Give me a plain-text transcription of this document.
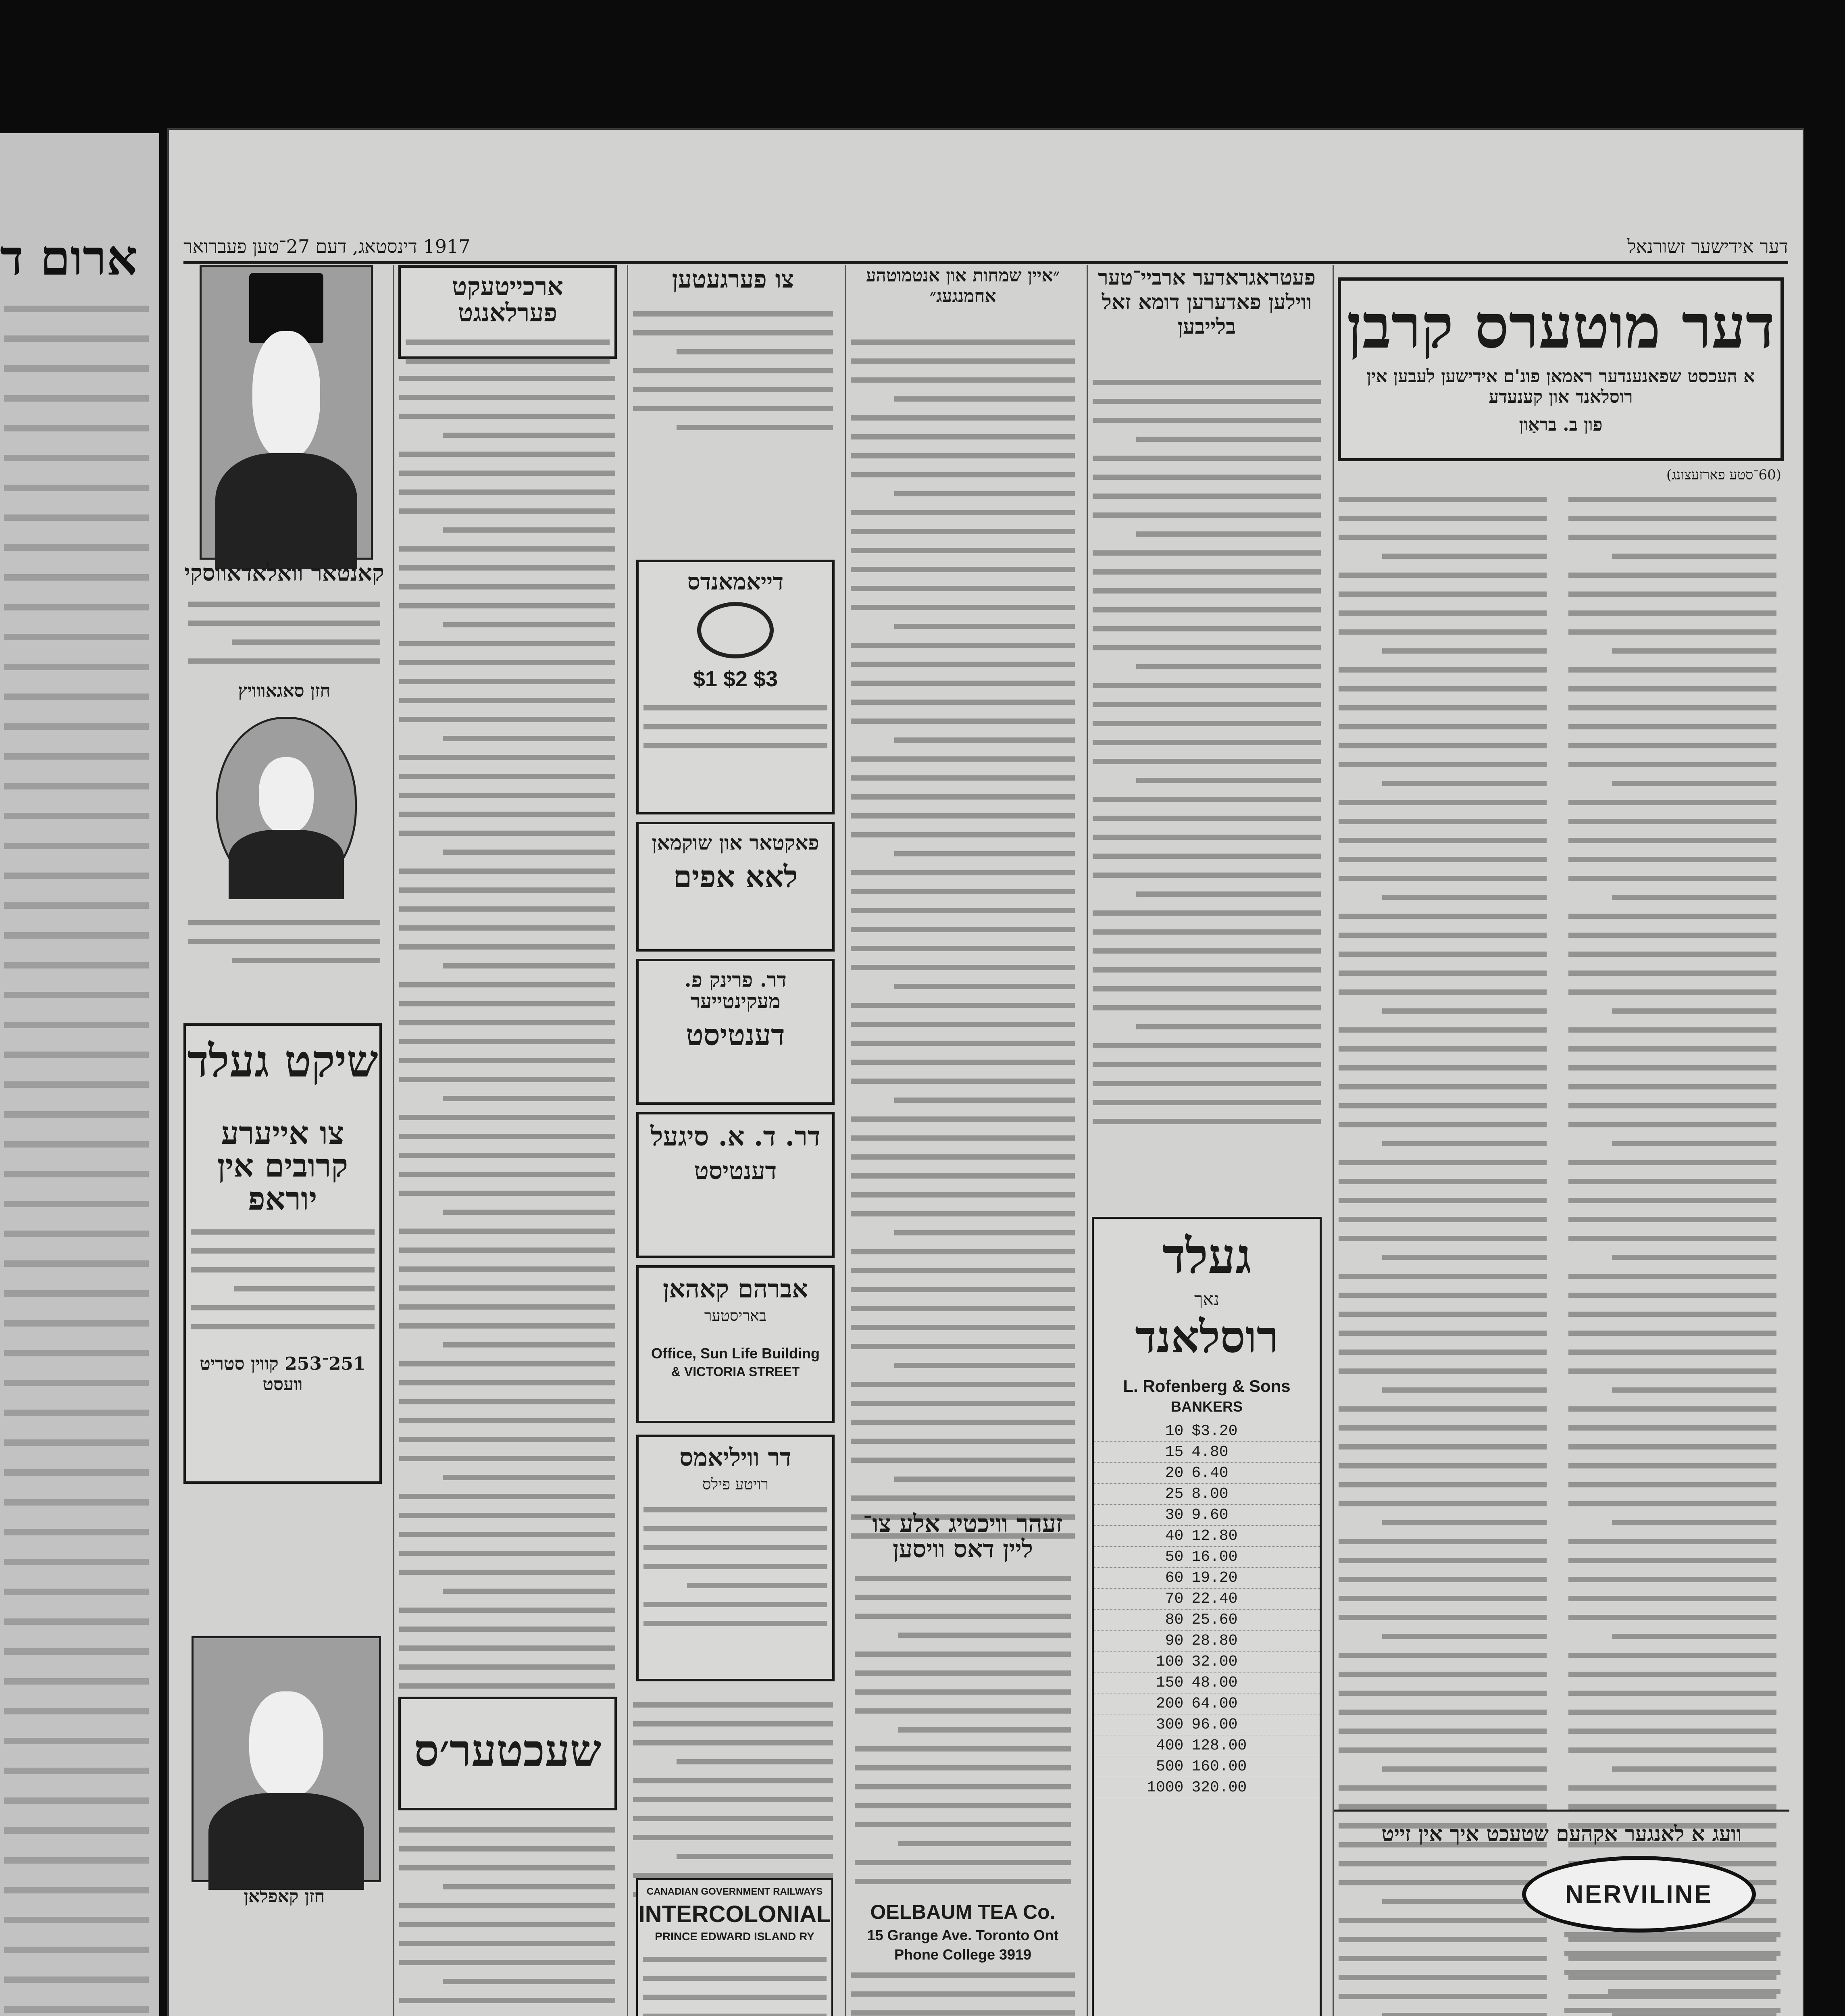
ארום ד	1917 דינסטאג, דעם 27־טען פעברואר	דער אידישער זשורנאל
קאנטאר וואלאדאווסקי
חזן סאגאווויץ
שיקט געלד
צו אייערע קרובים אין יוראפ
251־253 קווין סטריט וועסט
חזן קאפלאן
ארכייטעקט פערלאנגט
שעכטער׳ס
צו פערגעטען
דייאמאנדס
$1 $2 $3
פאקטאר און שוקמאן
לאא אפים
דר. פרינק פ. מעקינטייער
דענטיסט
דר. ד. א. סיגעל
דענטיסט
אברהם קאהאן
באריסטער
Office, Sun Life Building
& VICTORIA STREET
דר וויליאמס
רויטע פילס
CANADIAN GOVERNMENT RAILWAYS
INTERCOLONIAL
PRINCE EDWARD ISLAND RY
״איין שמחות און אנטמוטהע אחמנגעג״
זעהר וויכטיג אלע צו־ ליין דאס וויסען
OELBAUM TEA Co.
15 Grange Ave. Toronto Ont
Phone College 3919
פעטראגראדער ארביי־טער ווילען פאדערען דומא זאל בלייבען
געלד
נאך
רוסלאנד
L. Rofenberg & Sons
BANKERS
$3.20	10
4.80	15
6.40	20
8.00	25
9.60	30
12.80	40
16.00	50
19.20	60
22.40	70
25.60	80
28.80	90
32.00	100
48.00	150
64.00	200
96.00	300
128.00	400
160.00	500
320.00	1000
דער מוטערס קרבן
א העכסט שפאנענדער ראמאן פונ'ם אידישען לעבען אין רוסלאנד און קענעדע
פון ב. בראַון
(60־סטע פארזעצונג)
וועג א לאנגער אקהעם שטעכט איך אין זייט
NERVILINE
